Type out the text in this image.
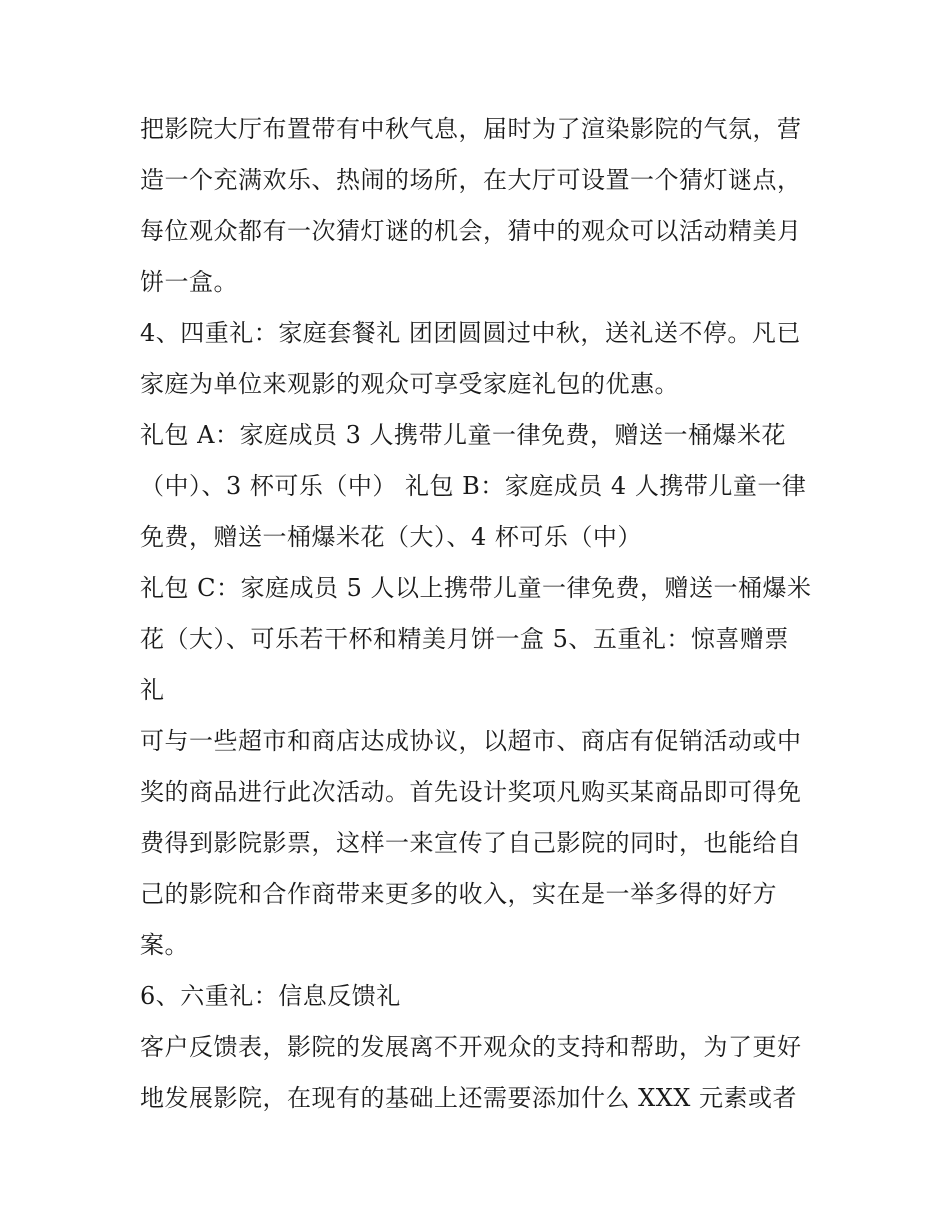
把影院大厅布置带有中秋气息，届时为了渲染影院的气氛，营
造一个充满欢乐、热闹的场所，在大厅可设置一个猜灯谜点，
每位观众都有一次猜灯谜的机会，猜中的观众可以活动精美月
饼一盒。
4、四重礼：家庭套餐礼 团团圆圆过中秋，送礼送不停。凡已
家庭为单位来观影的观众可享受家庭礼包的优惠。
礼包 A：家庭成员 3 人携带儿童一律免费，赠送一桶爆米花
（中）、3 杯可乐（中） 礼包 B：家庭成员 4 人携带儿童一律
免费，赠送一桶爆米花（大）、4 杯可乐（中）
礼包 C：家庭成员 5 人以上携带儿童一律免费，赠送一桶爆米
花（大）、可乐若干杯和精美月饼一盒 5、五重礼：惊喜赠票
礼
可与一些超市和商店达成协议，以超市、商店有促销活动或中
奖的商品进行此次活动。首先设计奖项凡购买某商品即可得免
费得到影院影票，这样一来宣传了自己影院的同时，也能给自
己的影院和合作商带来更多的收入，实在是一举多得的好方
案。
6、六重礼：信息反馈礼
客户反馈表，影院的发展离不开观众的支持和帮助，为了更好
地发展影院，在现有的基础上还需要添加什么 XXX 元素或者
